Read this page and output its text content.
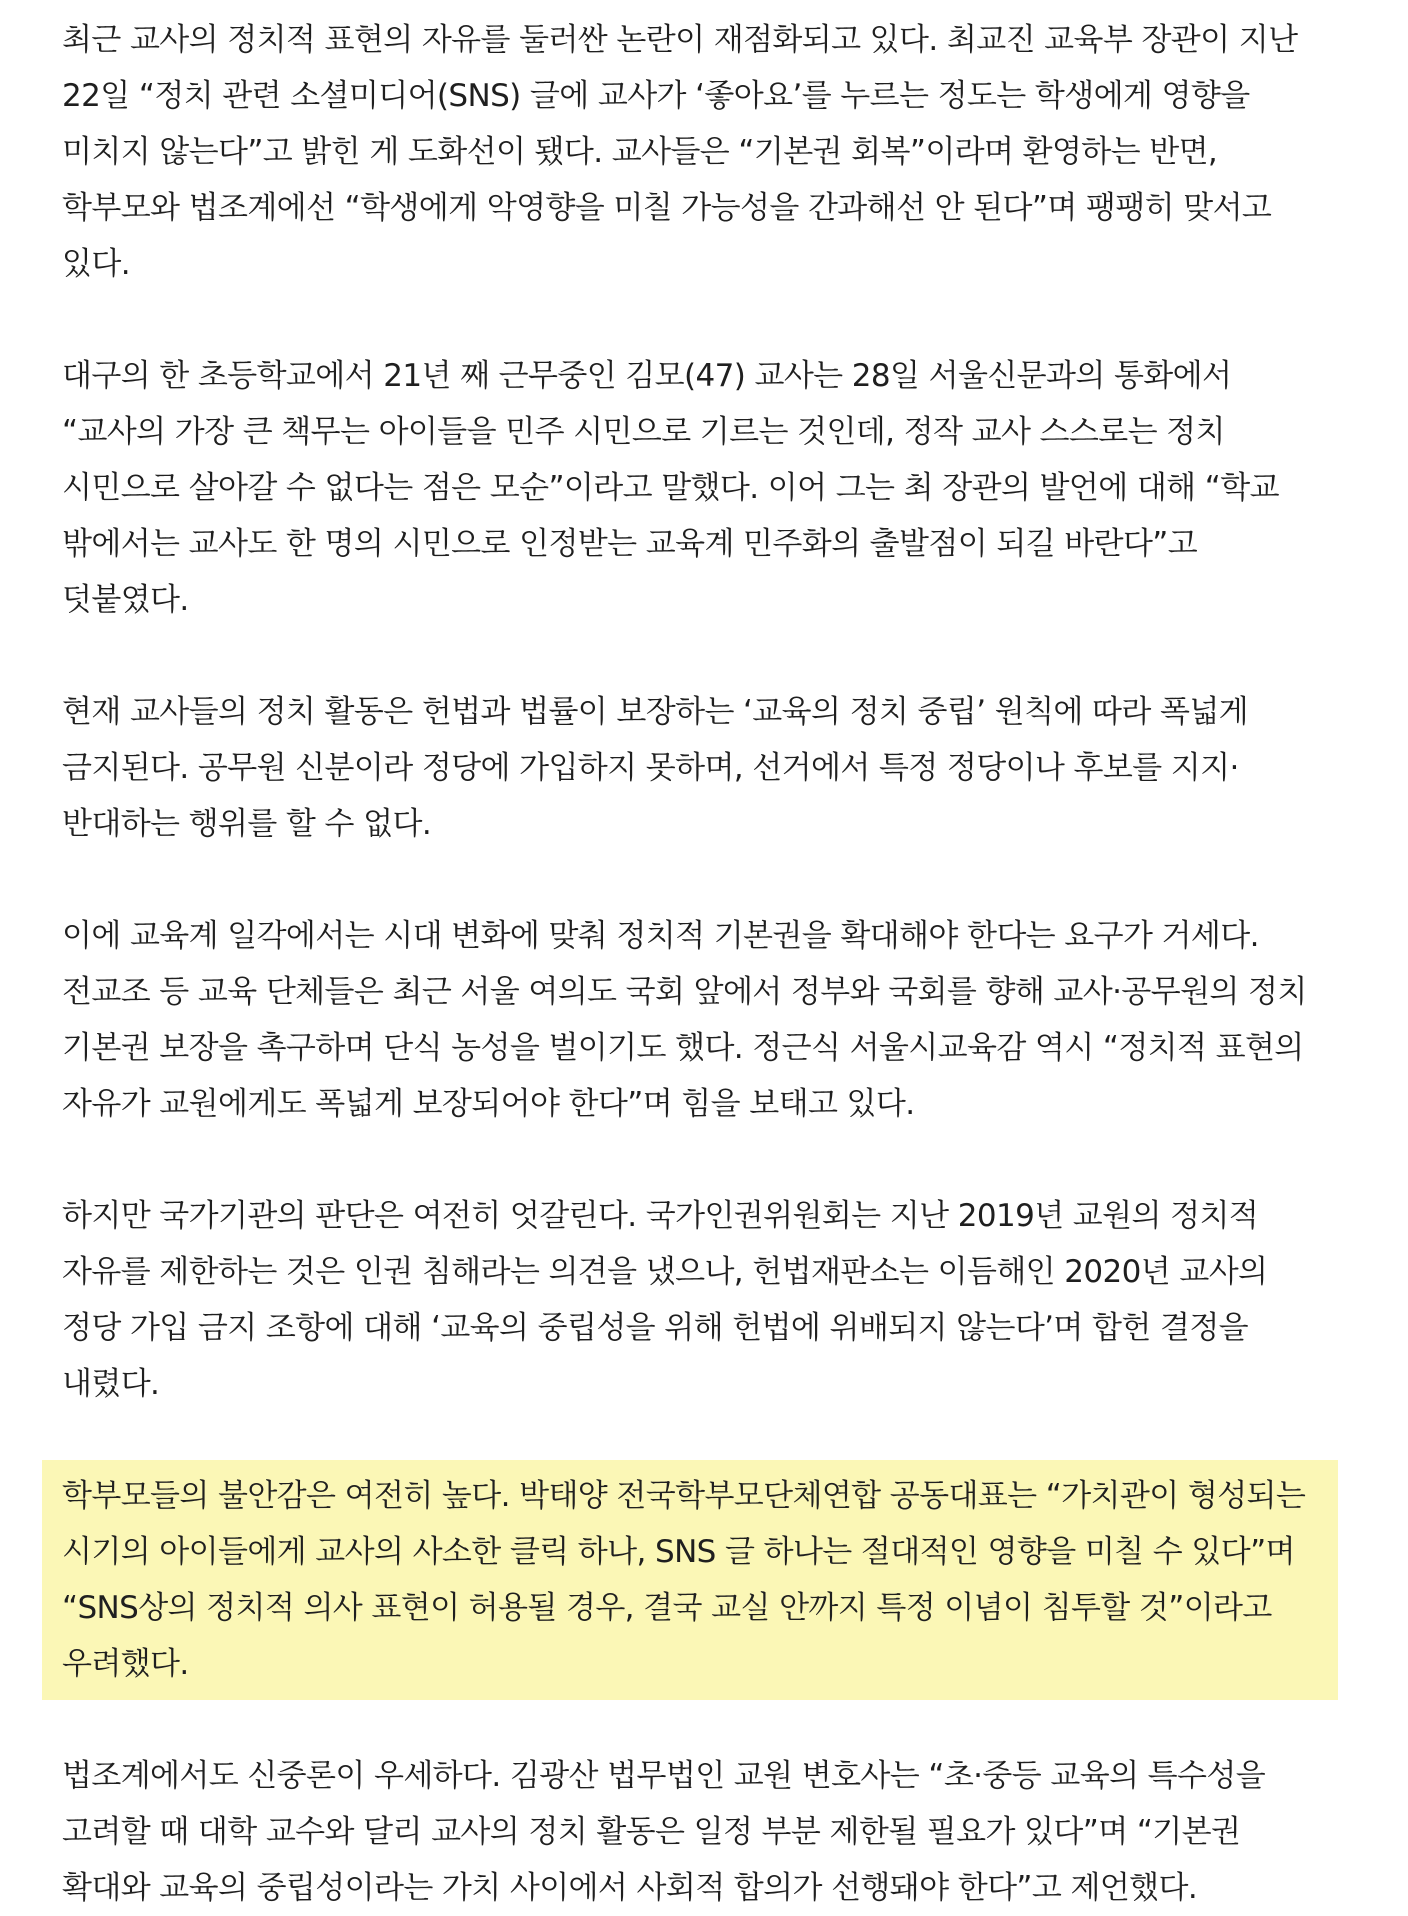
최근 교사의 정치적 표현의 자유를 둘러싼 논란이 재점화되고 있다. 최교진 교육부 장관이 지난 22일 “정치 관련 소셜미디어(SNS) 글에 교사가 ‘좋아요’를 누르는 정도는 학생에게 영향을 미치지 않는다”고 밝힌 게 도화선이 됐다. 교사들은 “기본권 회복”이라며 환영하는 반면, 학부모와 법조계에선 “학생에게 악영향을 미칠 가능성을 간과해선 안 된다”며 팽팽히 맞서고 있다.

대구의 한 초등학교에서 21년 째 근무중인 김모(47) 교사는 28일 서울신문과의 통화에서 “교사의 가장 큰 책무는 아이들을 민주 시민으로 기르는 것인데, 정작 교사 스스로는 정치 시민으로 살아갈 수 없다는 점은 모순”이라고 말했다. 이어 그는 최 장관의 발언에 대해 “학교 밖에서는 교사도 한 명의 시민으로 인정받는 교육계 민주화의 출발점이 되길 바란다”고 덧붙였다.

현재 교사들의 정치 활동은 헌법과 법률이 보장하는 ‘교육의 정치 중립’ 원칙에 따라 폭넓게 금지된다. 공무원 신분이라 정당에 가입하지 못하며, 선거에서 특정 정당이나 후보를 지지·반대하는 행위를 할 수 없다.

이에 교육계 일각에서는 시대 변화에 맞춰 정치적 기본권을 확대해야 한다는 요구가 거세다. 전교조 등 교육 단체들은 최근 서울 여의도 국회 앞에서 정부와 국회를 향해 교사·공무원의 정치 기본권 보장을 촉구하며 단식 농성을 벌이기도 했다. 정근식 서울시교육감 역시 “정치적 표현의 자유가 교원에게도 폭넓게 보장되어야 한다”며 힘을 보태고 있다.

하지만 국가기관의 판단은 여전히 엇갈린다. 국가인권위원회는 지난 2019년 교원의 정치적 자유를 제한하는 것은 인권 침해라는 의견을 냈으나, 헌법재판소는 이듬해인 2020년 교사의 정당 가입 금지 조항에 대해 ‘교육의 중립성을 위해 헌법에 위배되지 않는다’며 합헌 결정을 내렸다.

학부모들의 불안감은 여전히 높다. 박태양 전국학부모단체연합 공동대표는 “가치관이 형성되는 시기의 아이들에게 교사의 사소한 클릭 하나, SNS 글 하나는 절대적인 영향을 미칠 수 있다”며 “SNS상의 정치적 의사 표현이 허용될 경우, 결국 교실 안까지 특정 이념이 침투할 것”이라고 우려했다.

법조계에서도 신중론이 우세하다. 김광산 법무법인 교원 변호사는 “초·중등 교육의 특수성을 고려할 때 대학 교수와 달리 교사의 정치 활동은 일정 부분 제한될 필요가 있다”며 “기본권 확대와 교육의 중립성이라는 가치 사이에서 사회적 합의가 선행돼야 한다”고 제언했다.
